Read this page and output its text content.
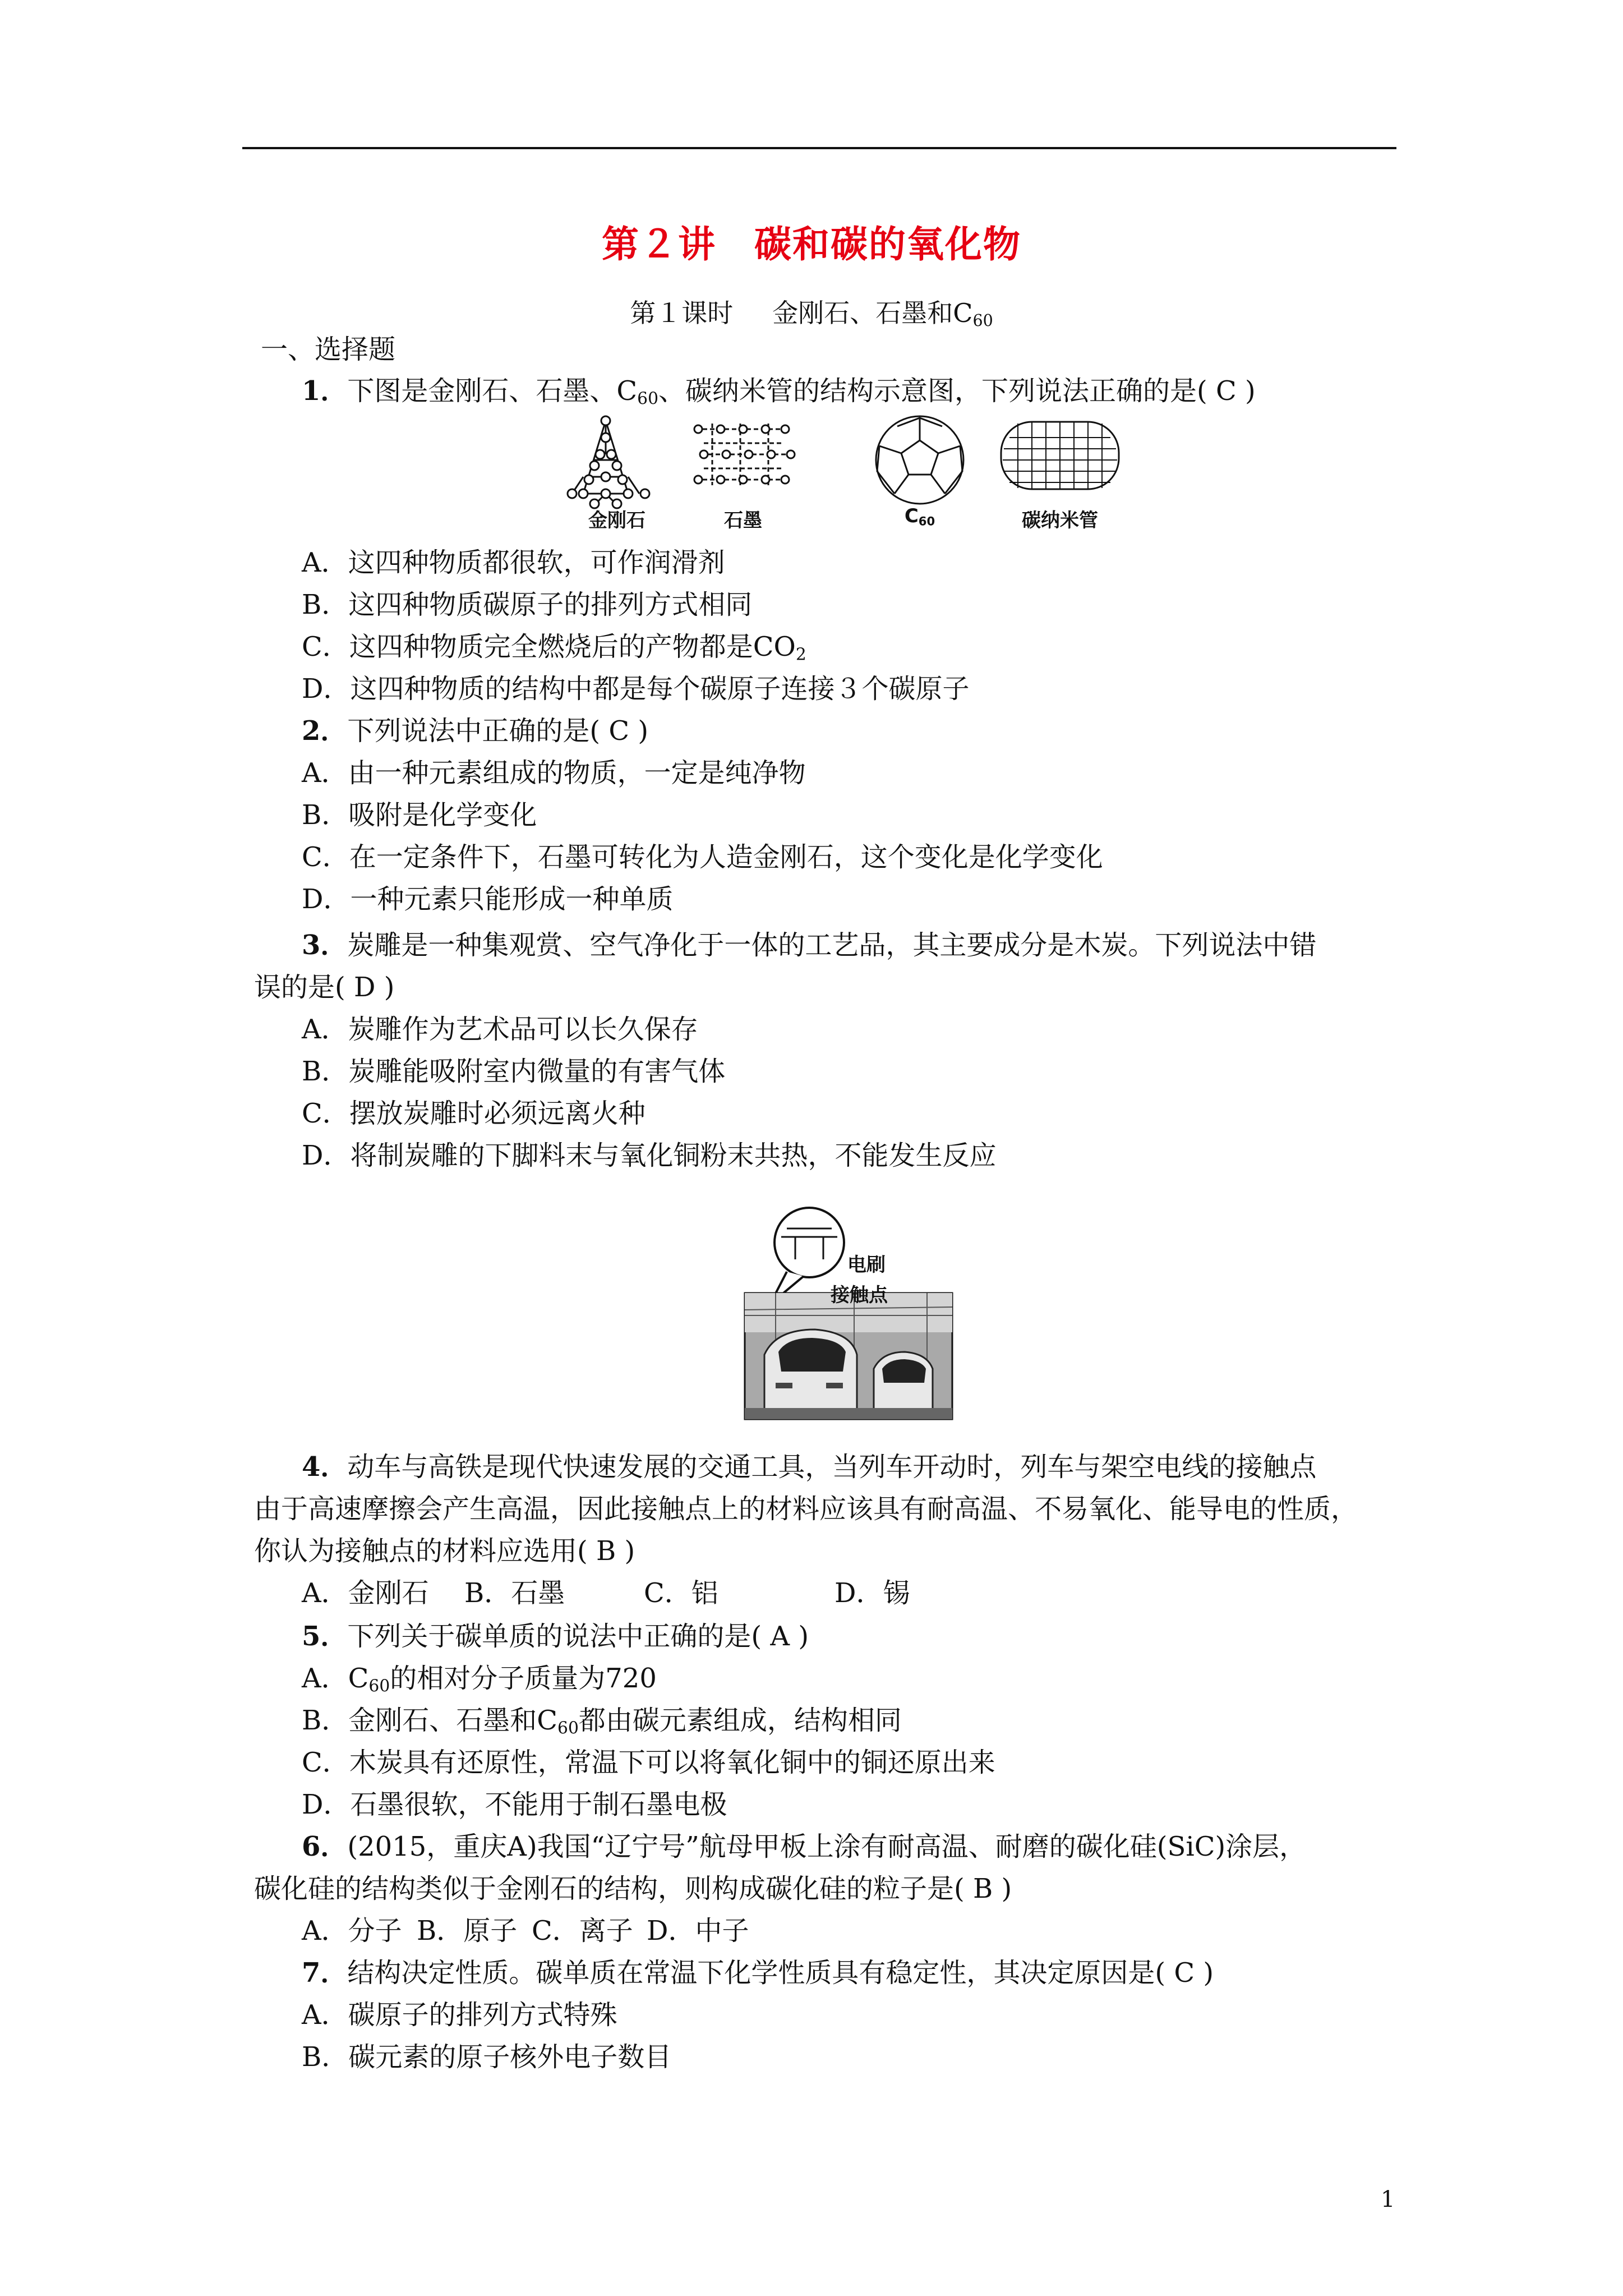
第２讲　碳和碳的氧化物
第１课时 金刚石、石墨和$C_{60}$
一、选择题
1．下图是金刚石、石墨、$C_{60}$、碳纳米管的结构示意图，下列说法正确的是( C )
金刚石	石墨	$C_{60}$	碳纳米管
A．这四种物质都很软，可作润滑剂
B．这四种物质碳原子的排列方式相同
C．这四种物质完全燃烧后的产物都是$CO_2$
D．这四种物质的结构中都是每个碳原子连接３个碳原子
2．下列说法中正确的是( C )
A．由一种元素组成的物质，一定是纯净物
B．吸附是化学变化
C．在一定条件下，石墨可转化为人造金刚石，这个变化是化学变化
D．一种元素只能形成一种单质
3．炭雕是一种集观赏、空气净化于一体的工艺品，其主要成分是木炭。下列说法中错
误的是( D )
A．炭雕作为艺术品可以长久保存
B．炭雕能吸附室内微量的有害气体
C．摆放炭雕时必须远离火种
D．将制炭雕的下脚料末与氧化铜粉末共热，不能发生反应
电刷
接触点
4．动车与高铁是现代快速发展的交通工具，当列车开动时，列车与架空电线的接触点
由于高速摩擦会产生高温，因此接触点上的材料应该具有耐高温、不易氧化、能导电的性质，
你认为接触点的材料应选用( B )
A．金刚石 B．石墨	C．铝	D．锡
5．下列关于碳单质的说法中正确的是( A )
A．$C_{60}$的相对分子质量为720
B．金刚石、石墨和$C_{60}$都由碳元素组成，结构相同
C．木炭具有还原性，常温下可以将氧化铜中的铜还原出来
D．石墨很软，不能用于制石墨电极
6．(2015，重庆A)我国“辽宁号”航母甲板上涂有耐高温、耐磨的碳化硅(SiC)涂层，
碳化硅的结构类似于金刚石的结构，则构成碳化硅的粒子是( B )
A．分子 B．原子 C．离子 D．中子
7．结构决定性质。碳单质在常温下化学性质具有稳定性，其决定原因是( C )
A．碳原子的排列方式特殊
B．碳元素的原子核外电子数目
1
